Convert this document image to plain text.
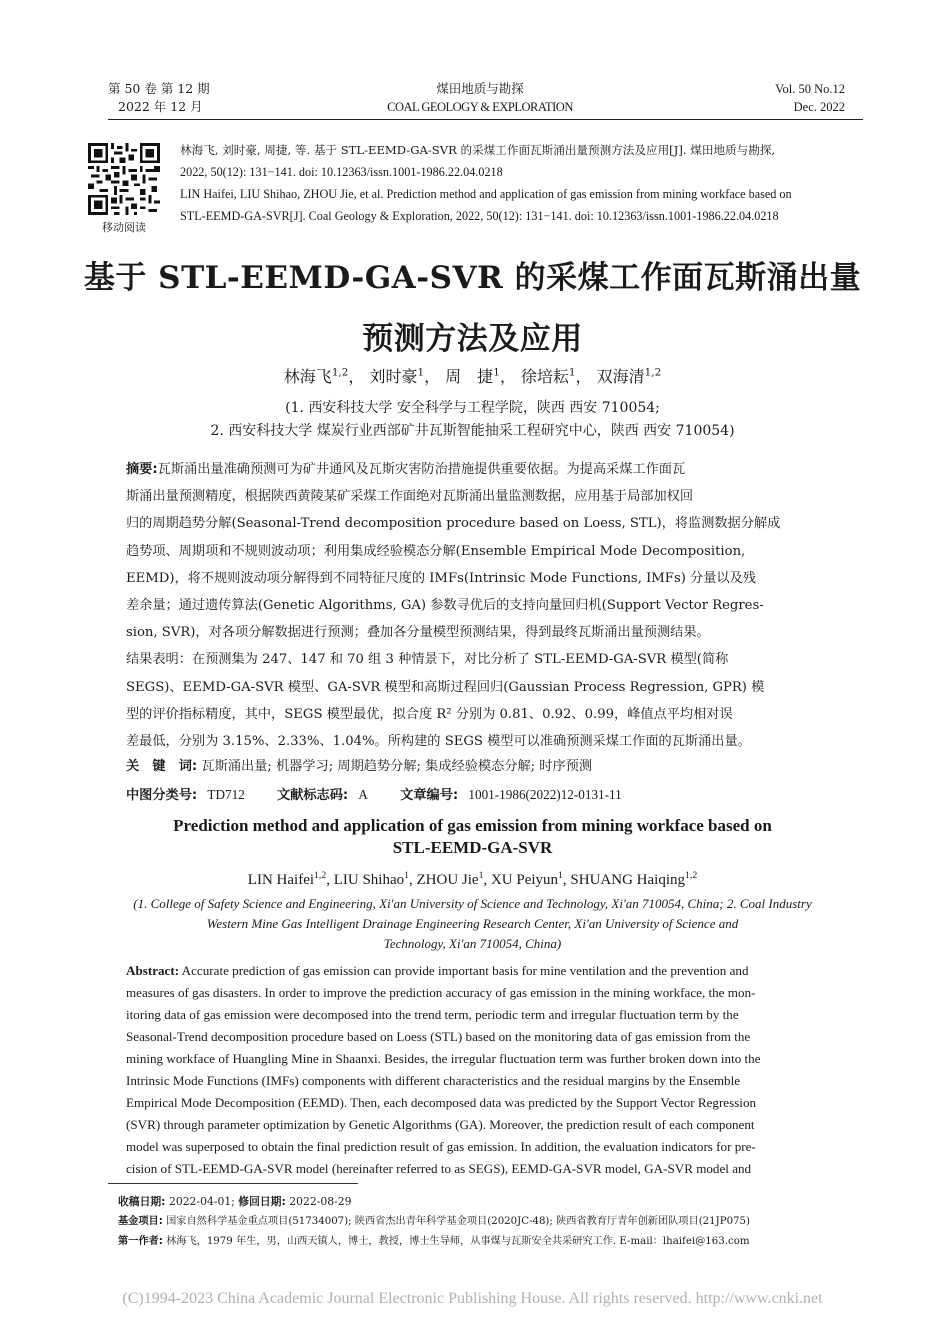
第 50 卷 第 12 期
2022 年 12 月
煤田地质与勘探
COAL GEOLOGY & EXPLORATION
Vol. 50 No.12
Dec. 2022
移动阅读
林海飞, 刘时豪, 周捷, 等. 基于 STL-EEMD-GA-SVR 的采煤工作面瓦斯涌出量预测方法及应用[J]. 煤田地质与勘探,
2022, 50(12): 131−141. doi: 10.12363/issn.1001-1986.22.04.0218
LIN Haifei, LIU Shihao, ZHOU Jie, et al. Prediction method and application of gas emission from mining workface based on
STL-EEMD-GA-SVR[J]. Coal Geology & Exploration, 2022, 50(12): 131−141. doi: 10.12363/issn.1001-1986.22.04.0218
基于 STL-EEMD-GA-SVR 的采煤工作面瓦斯涌出量
预测方法及应用
林海飞$^{1,2}$， 刘时豪$^1$， 周　捷$^1$， 徐培耘$^1$， 双海清$^{1,2}$
(1. 西安科技大学 安全科学与工程学院，陕西 西安 710054;
2. 西安科技大学 煤炭行业西部矿井瓦斯智能抽采工程研究中心，陕西 西安 710054)
摘要:瓦斯涌出量准确预测可为矿井通风及瓦斯灾害防治措施提供重要依据。为提高采煤工作面瓦
斯涌出量预测精度，根据陕西黄陵某矿采煤工作面绝对瓦斯涌出量监测数据，应用基于局部加权回
归的周期趋势分解(Seasonal-Trend decomposition procedure based on Loess, STL)，将监测数据分解成
趋势项、周期项和不规则波动项；利用集成经验模态分解(Ensemble Empirical Mode Decomposition,
EEMD)，将不规则波动项分解得到不同特征尺度的 IMFs(Intrinsic Mode Functions, IMFs) 分量以及残
差余量；通过遗传算法(Genetic Algorithms, GA) 参数寻优后的支持向量回归机(Support Vector Regres-
sion, SVR)，对各项分解数据进行预测；叠加各分量模型预测结果，得到最终瓦斯涌出量预测结果。
结果表明：在预测集为 247、147 和 70 组 3 种情景下，对比分析了 STL-EEMD-GA-SVR 模型(简称
SEGS)、EEMD-GA-SVR 模型、GA-SVR 模型和高斯过程回归(Gaussian Process Regression, GPR) 模
型的评价指标精度，其中，SEGS 模型最优，拟合度 R² 分别为 0.81、0.92、0.99，峰值点平均相对误
差最低，分别为 3.15%、2.33%、1.04%。所构建的 SEGS 模型可以准确预测采煤工作面的瓦斯涌出量。
关　键　词: 瓦斯涌出量; 机器学习; 周期趋势分解; 集成经验模态分解; 时序预测
中图分类号: TD712 文献标志码: A 文章编号: 1001-1986(2022)12-0131-11
Prediction method and application of gas emission from mining workface based on
STL-EEMD-GA-SVR
LIN Haifei$^{1,2}$, LIU Shihao$^1$, ZHOU Jie$^1$, XU Peiyun$^1$, SHUANG Haiqing$^{1,2}$
(1. College of Safety Science and Engineering, Xi'an University of Science and Technology, Xi'an 710054, China; 2. Coal Industry
Western Mine Gas Intelligent Drainage Engineering Research Center, Xi'an University of Science and
Technology, Xi'an 710054, China)
Abstract: Accurate prediction of gas emission can provide important basis for mine ventilation and the prevention and
measures of gas disasters. In order to improve the prediction accuracy of gas emission in the mining workface, the mon-
itoring data of gas emission were decomposed into the trend term, periodic term and irregular fluctuation term by the
Seasonal-Trend decomposition procedure based on Loess (STL) based on the monitoring data of gas emission from the
mining workface of Huangling Mine in Shaanxi. Besides, the irregular fluctuation term was further broken down into the
Intrinsic Mode Functions (IMFs) components with different characteristics and the residual margins by the Ensemble
Empirical Mode Decomposition (EEMD). Then, each decomposed data was predicted by the Support Vector Regression
(SVR) through parameter optimization by Genetic Algorithms (GA). Moreover, the prediction result of each component
model was superposed to obtain the final prediction result of gas emission. In addition, the evaluation indicators for pre-
cision of STL-EEMD-GA-SVR model (hereinafter referred to as SEGS), EEMD-GA-SVR model, GA-SVR model and
收稿日期: 2022-04-01; 修回日期: 2022-08-29
基金项目: 国家自然科学基金重点项目(51734007); 陕西省杰出青年科学基金项目(2020JC-48); 陕西省教育厅青年创新团队项目(21JP075)
第一作者: 林海飞，1979 年生，男，山西天镇人，博士，教授，博士生导师，从事煤与瓦斯安全共采研究工作. E-mail：lhaifei@163.com
(C)1994-2023 China Academic Journal Electronic Publishing House. All rights reserved. http://www.cnki.net
